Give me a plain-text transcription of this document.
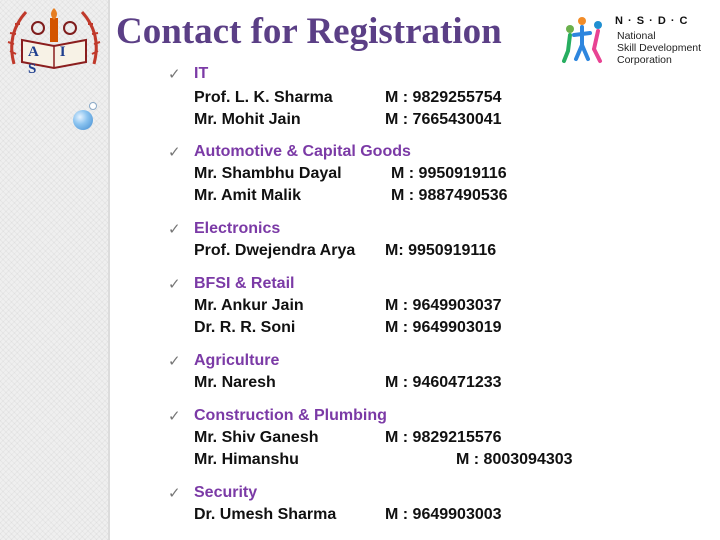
A I S
Contact for Registration	N · S · D · C
National
Skill Development
Corporation
✓ IT
Prof. L. K. Sharma	M : 9829255754
Mr. Mohit Jain	M : 7665430041
✓ Automotive & Capital Goods
Mr. Shambhu Dayal	M : 9950919116
Mr. Amit Malik	M : 9887490536
✓ Electronics
Prof. Dwejendra Arya M: 9950919116
✓ BFSI & Retail
Mr. Ankur Jain	M : 9649903037
Dr. R. R. Soni	M : 9649903019
✓ Agriculture
Mr. Naresh	M : 9460471233
✓ Construction & Plumbing
Mr. Shiv Ganesh	M : 9829215576
Mr. Himanshu	M : 8003094303
✓ Security
Dr. Umesh Sharma	M : 9649903003
